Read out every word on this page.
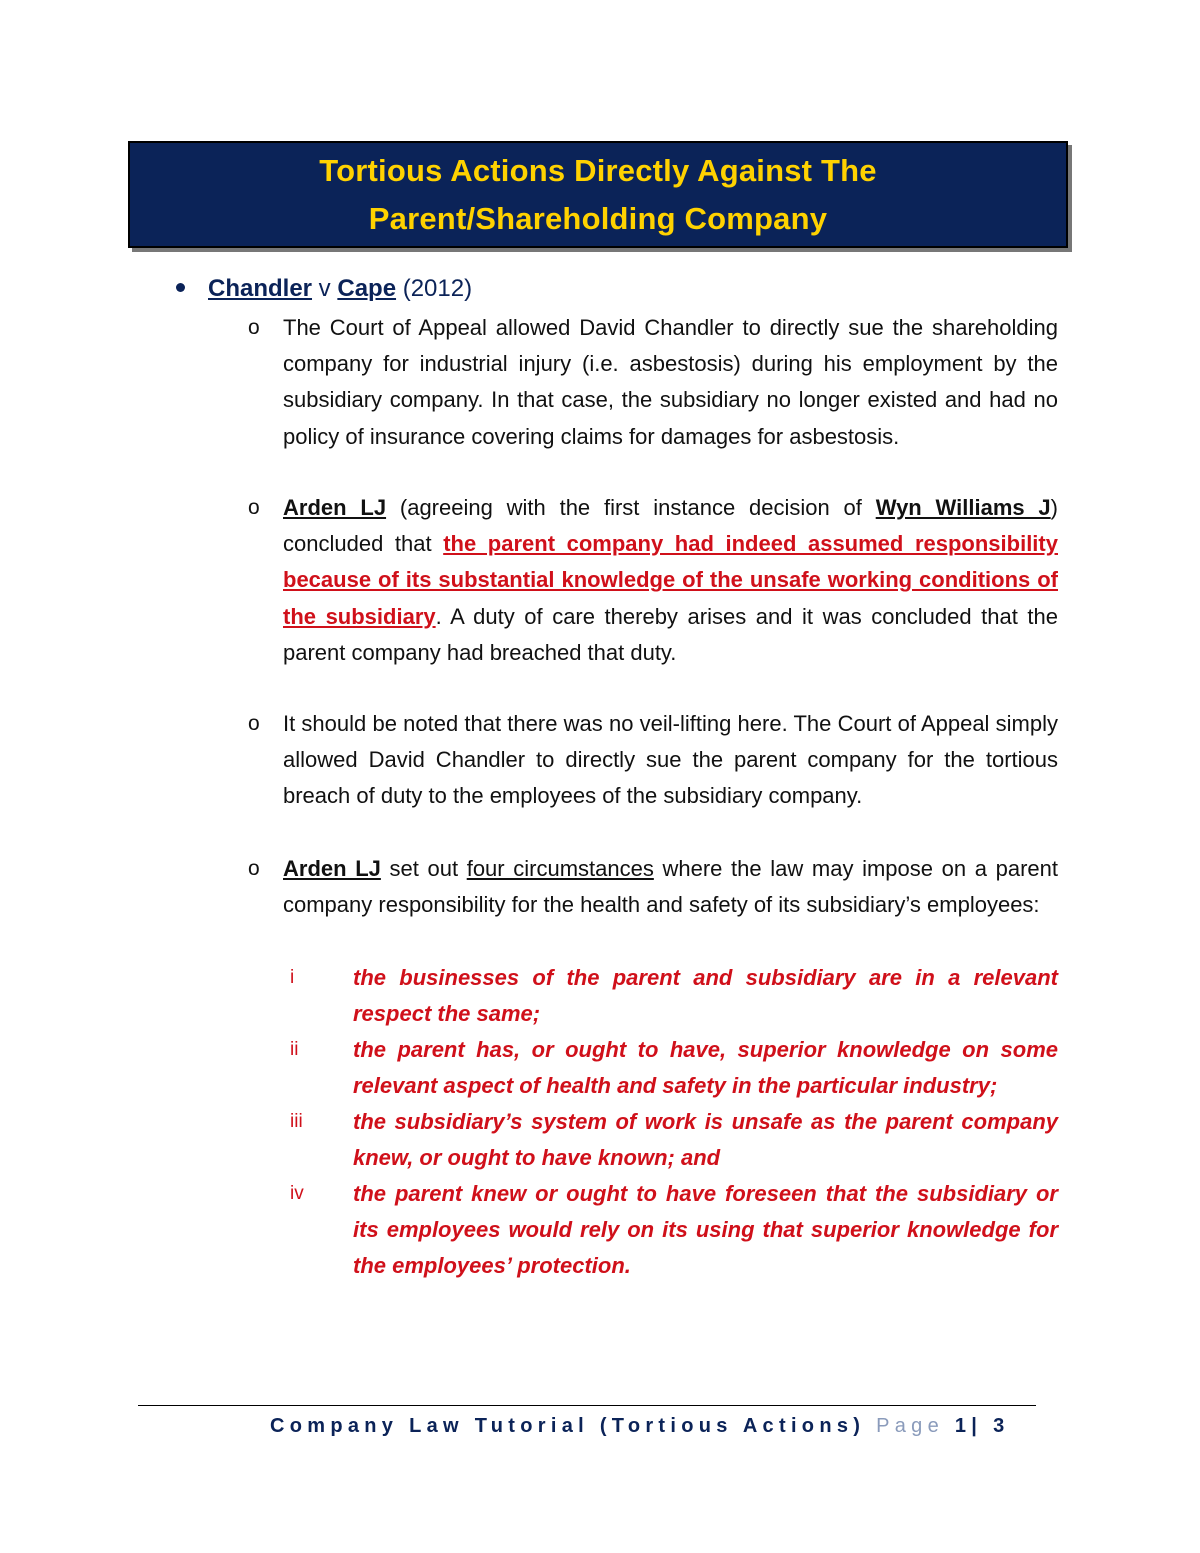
Tortious Actions Directly Against The
Parent/Shareholding Company
Chandler v Cape (2012)
o The Court of Appeal allowed David Chandler to directly sue the shareholding company for industrial injury (i.e. asbestosis) during his employment by the subsidiary company. In that case, the subsidiary no longer existed and had no policy of insurance covering claims for damages for asbestosis.
o Arden LJ (agreeing with the first instance decision of Wyn Williams J) concluded that the parent company had indeed assumed responsibility because of its substantial knowledge of the unsafe working conditions of the subsidiary. A duty of care thereby arises and it was concluded that the parent company had breached that duty.
o It should be noted that there was no veil-lifting here. The Court of Appeal simply allowed David Chandler to directly sue the parent company for the tortious breach of duty to the employees of the subsidiary company.
o Arden LJ set out four circumstances where the law may impose on a parent company responsibility for the health and safety of its subsidiary’s employees:
i	the businesses of the parent and subsidiary are in a relevant respect the same;
ii	the parent has, or ought to have, superior knowledge on some relevant aspect of health and safety in the particular industry;
iii	the subsidiary’s system of work is unsafe as the parent company knew, or ought to have known; and
iv	the parent knew or ought to have foreseen that the subsidiary or its employees would rely on its using that superior knowledge for the employees’ protection.
Company Law Tutorial (Tortious Actions) Page 1| 3
